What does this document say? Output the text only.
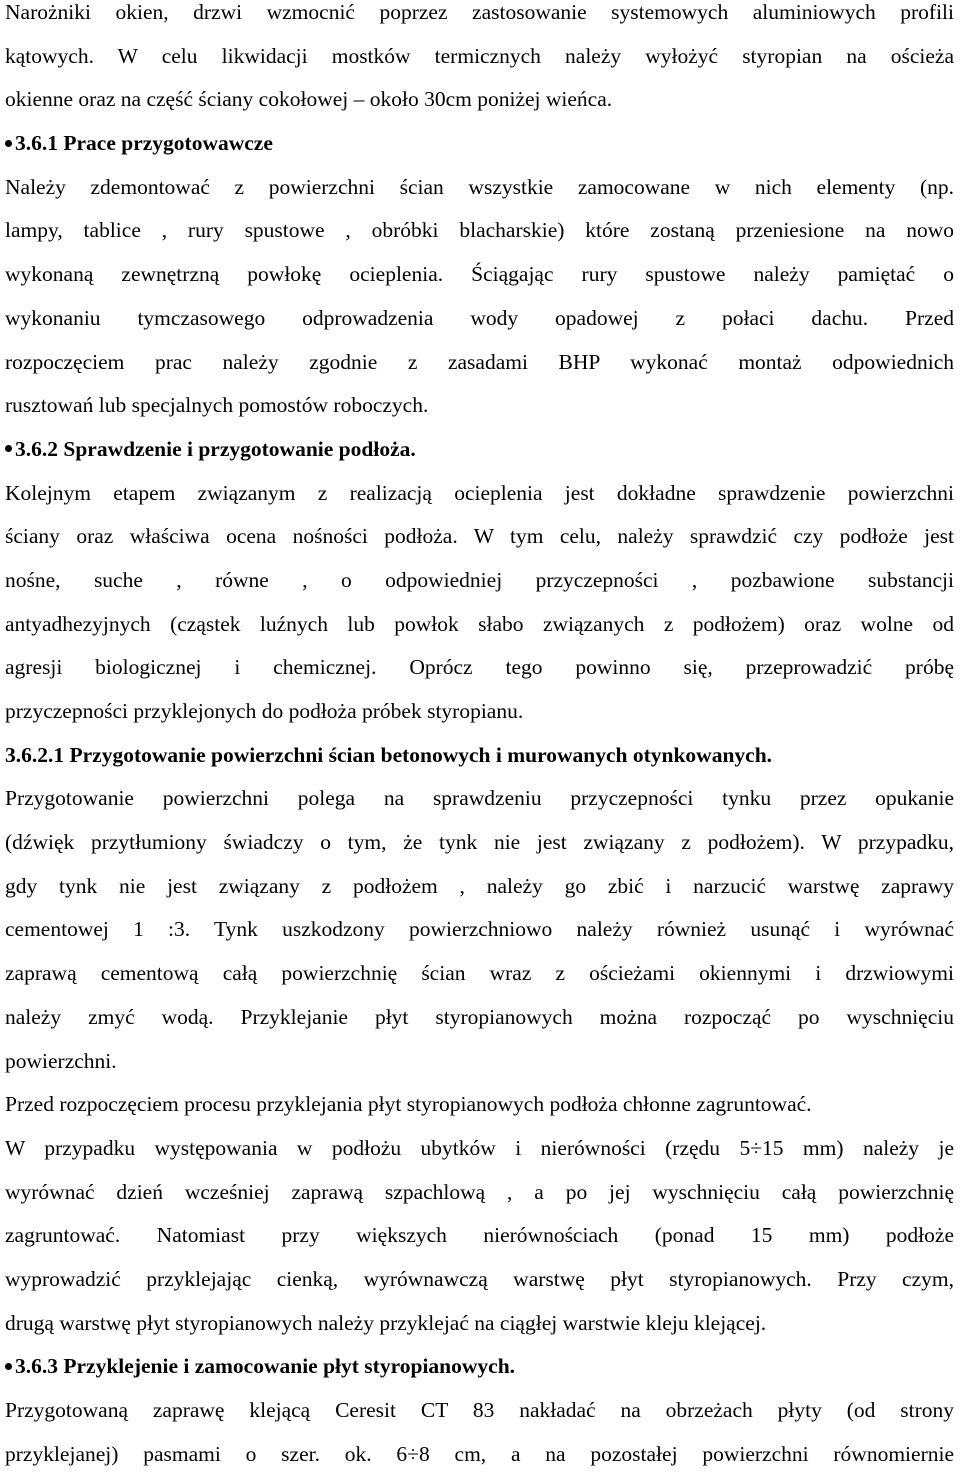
Narożniki okien, drzwi wzmocnić poprzez zastosowanie systemowych aluminiowych profili
kątowych. W celu likwidacji mostków termicznych należy wyłożyć styropian na ościeża
okienne oraz na część ściany cokołowej – około 30cm poniżej wieńca.
3.6.1 Prace przygotowawcze
Należy zdemontować z powierzchni ścian wszystkie zamocowane w nich elementy (np.
lampy, tablice , rury spustowe , obróbki blacharskie) które zostaną przeniesione na nowo
wykonaną zewnętrzną powłokę ocieplenia. Ściągając rury spustowe należy pamiętać o
wykonaniu tymczasowego odprowadzenia wody opadowej z połaci dachu. Przed
rozpoczęciem prac należy zgodnie z zasadami BHP wykonać montaż odpowiednich
rusztowań lub specjalnych pomostów roboczych.
3.6.2 Sprawdzenie i przygotowanie podłoża.
Kolejnym etapem związanym z realizacją ocieplenia jest dokładne sprawdzenie powierzchni
ściany oraz właściwa ocena nośności podłoża. W tym celu, należy sprawdzić czy podłoże jest
nośne, suche , równe , o odpowiedniej przyczepności , pozbawione substancji
antyadhezyjnych (cząstek luźnych lub powłok słabo związanych z podłożem) oraz wolne od
agresji biologicznej i chemicznej. Oprócz tego powinno się, przeprowadzić próbę
przyczepności przyklejonych do podłoża próbek styropianu.
3.6.2.1 Przygotowanie powierzchni ścian betonowych i murowanych otynkowanych.
Przygotowanie powierzchni polega na sprawdzeniu przyczepności tynku przez opukanie
(dźwięk przytłumiony świadczy o tym, że tynk nie jest związany z podłożem). W przypadku,
gdy tynk nie jest związany z podłożem , należy go zbić i narzucić warstwę zaprawy
cementowej 1 :3. Tynk uszkodzony powierzchniowo należy również usunąć i wyrównać
zaprawą cementową całą powierzchnię ścian wraz z ościeżami okiennymi i drzwiowymi
należy zmyć wodą. Przyklejanie płyt styropianowych można rozpocząć po wyschnięciu
powierzchni.
Przed rozpoczęciem procesu przyklejania płyt styropianowych podłoża chłonne zagruntować.
W przypadku występowania w podłożu ubytków i nierówności (rzędu 5÷15 mm) należy je
wyrównać dzień wcześniej zaprawą szpachlową , a po jej wyschnięciu całą powierzchnię
zagruntować. Natomiast przy większych nierównościach (ponad 15 mm) podłoże
wyprowadzić przyklejając cienką, wyrównawczą warstwę płyt styropianowych. Przy czym,
drugą warstwę płyt styropianowych należy przyklejać na ciągłej warstwie kleju klejącej.
3.6.3 Przyklejenie i zamocowanie płyt styropianowych.
Przygotowaną zaprawę klejącą Ceresit CT 83 nakładać na obrzeżach płyty (od strony
przyklejanej) pasmami o szer. ok. 6÷8 cm, a na pozostałej powierzchni równomiernie
